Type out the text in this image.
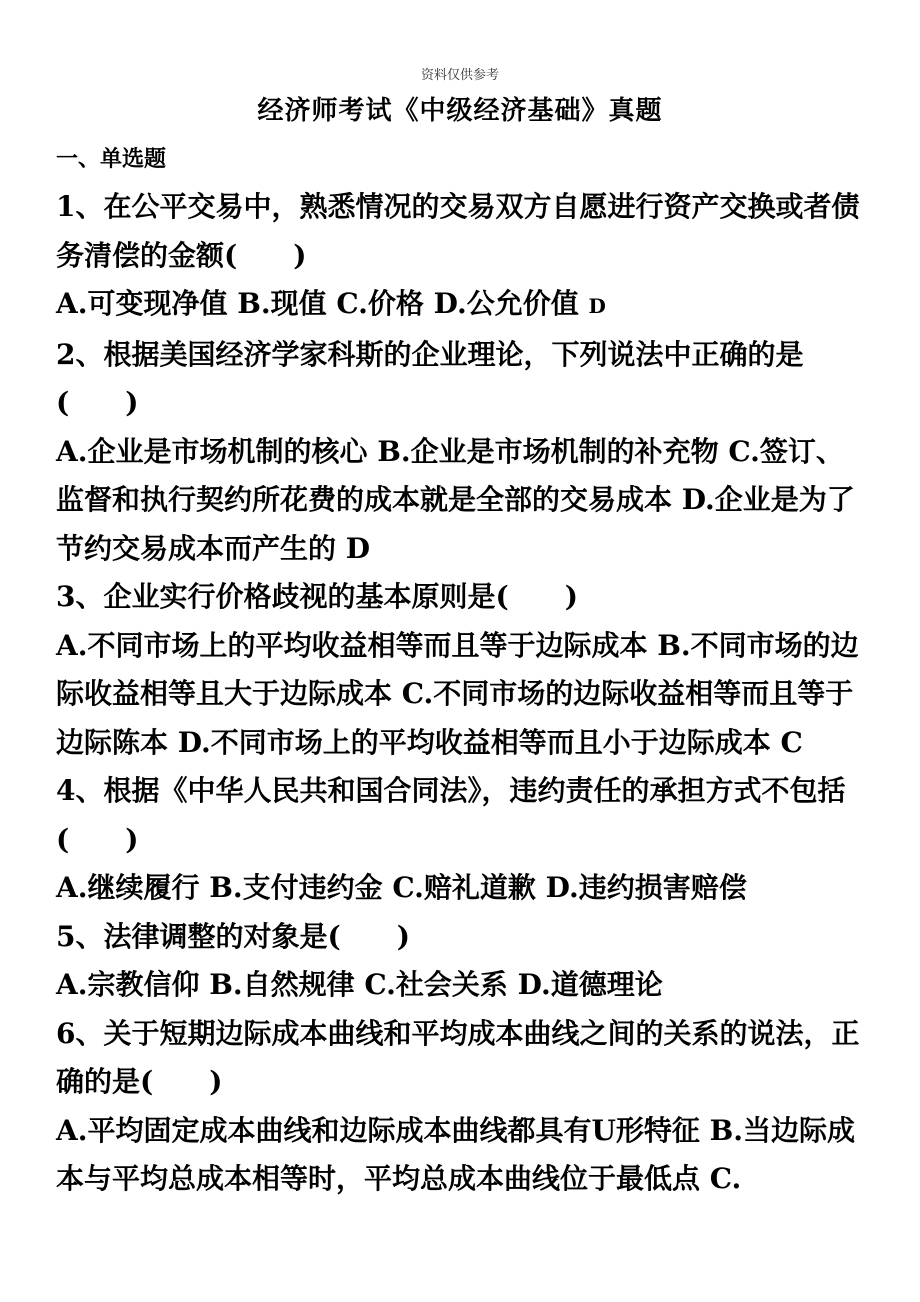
资料仅供参考
经济师考试《中级经济基础》真题
一、单选题

1、在公平交易中，熟悉情况的交易双方自愿进行资产交换或者债务清偿的金额(　　)

A.可变现净值 B.现值 C.价格 D.公允价值 D

2、根据美国经济学家科斯的企业理论，下列说法中正确的是(　　)

A.企业是市场机制的核心 B.企业是市场机制的补充物 C.签订、监督和执行契约所花费的成本就是全部的交易成本 D.企业是为了节约交易成本而产生的 D

3、企业实行价格歧视的基本原则是(　　)

A.不同市场上的平均收益相等而且等于边际成本 B.不同市场的边际收益相等且大于边际成本 C.不同市场的边际收益相等而且等于边际陈本 D.不同市场上的平均收益相等而且小于边际成本 C

4、根据《中华人民共和国合同法》，违约责任的承担方式不包括(　　)

A.继续履行 B.支付违约金 C.赔礼道歉 D.违约损害赔偿

5、法律调整的对象是(　　)

A.宗教信仰 B.自然规律 C.社会关系 D.道德理论

6、关于短期边际成本曲线和平均成本曲线之间的关系的说法，正确的是(　　)

A.平均固定成本曲线和边际成本曲线都具有U形特征 B.当边际成本与平均总成本相等时，平均总成本曲线位于最低点 C.
